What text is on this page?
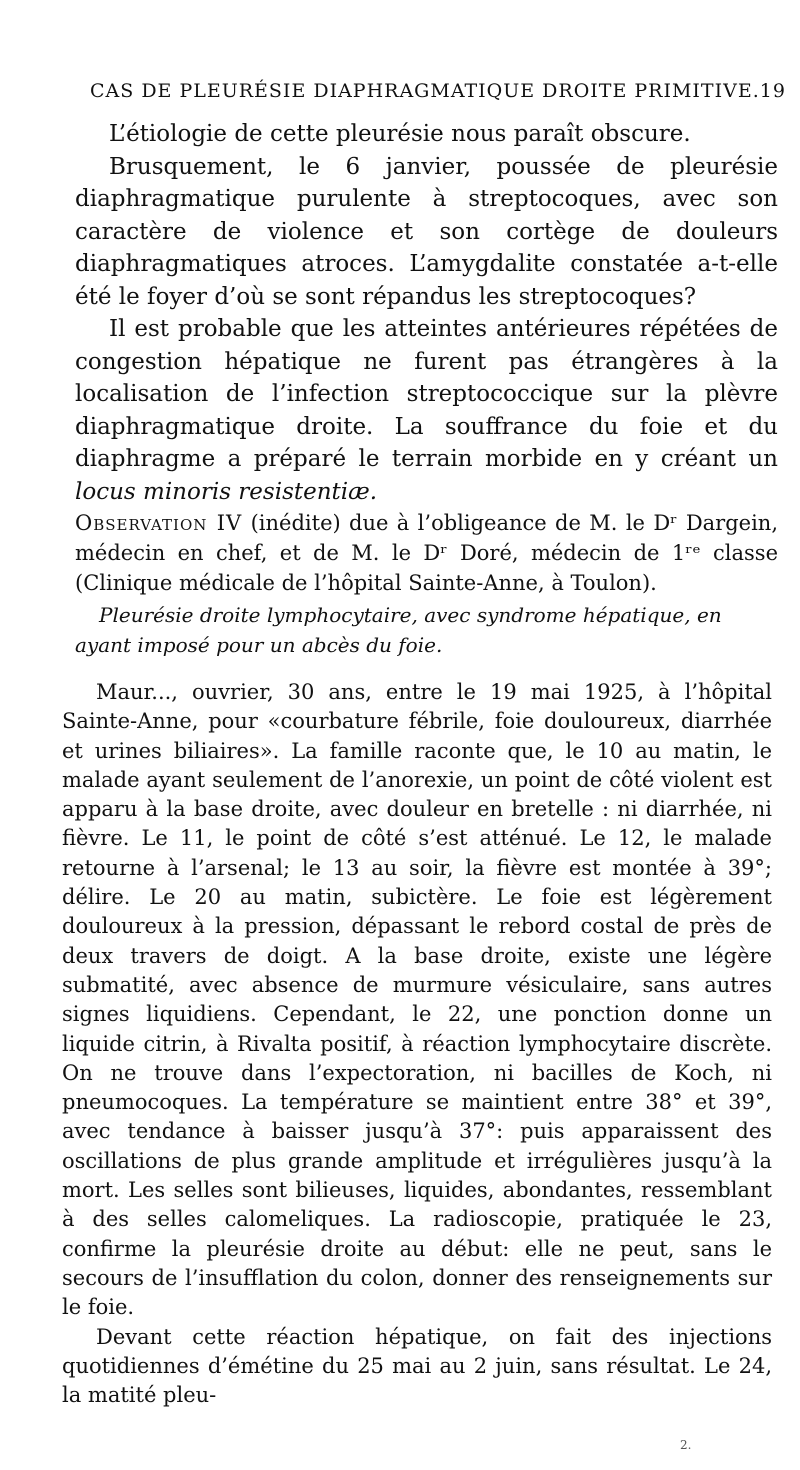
CAS DE PLEURÉSIE DIAPHRAGMATIQUE DROITE PRIMITIVE. 19

L’étiologie de cette pleurésie nous paraît obscure.

Brusquement, le 6 janvier, poussée de pleurésie diaphragmatique purulente à streptocoques, avec son caractère de violence et son cortège de douleurs diaphragmatiques atroces. L’amygdalite constatée a-t-elle été le foyer d’où se sont répandus les streptocoques?

Il est probable que les atteintes antérieures répétées de congestion hépatique ne furent pas étrangères à la localisation de l’infection streptococcique sur la plèvre diaphragmatique droite. La souffrance du foie et du diaphragme a préparé le terrain morbide en y créant un locus minoris resistentiæ.

Observation IV (inédite) due à l’obligeance de M. le Dʳ Dargein, médecin en chef, et de M. le Dʳ Doré, médecin de 1ʳᵉ classe (Clinique médicale de l’hôpital Sainte-Anne, à Toulon).
Pleurésie droite lymphocytaire, avec syndrome hépatique, en ayant imposé pour un abcès du foie.

Maur..., ouvrier, 30 ans, entre le 19 mai 1925, à l’hôpital Sainte-Anne, pour «courbature fébrile, foie douloureux, diarrhée et urines biliaires». La famille raconte que, le 10 au matin, le malade ayant seulement de l’anorexie, un point de côté violent est apparu à la base droite, avec douleur en bretelle : ni diarrhée, ni fièvre. Le 11, le point de côté s’est atténué. Le 12, le malade retourne à l’arsenal; le 13 au soir, la fièvre est montée à 39°; délire. Le 20 au matin, subictère. Le foie est légèrement douloureux à la pression, dépassant le rebord costal de près de deux travers de doigt. A la base droite, existe une légère submatité, avec absence de murmure vésiculaire, sans autres signes liquidiens. Cependant, le 22, une ponction donne un liquide citrin, à Rivalta positif, à réaction lymphocytaire discrète. On ne trouve dans l’expectoration, ni bacilles de Koch, ni pneumocoques. La température se maintient entre 38° et 39°, avec tendance à baisser jusqu’à 37°: puis apparaissent des oscillations de plus grande amplitude et irrégulières jusqu’à la mort. Les selles sont bilieuses, liquides, abondantes, ressemblant à des selles calomeliques. La radioscopie, pratiquée le 23, confirme la pleurésie droite au début: elle ne peut, sans le secours de l’insufflation du colon, donner des renseignements sur le foie.

Devant cette réaction hépatique, on fait des injections quotidiennes d’émétine du 25 mai au 2 juin, sans résultat. Le 24, la matité pleu-

2.
